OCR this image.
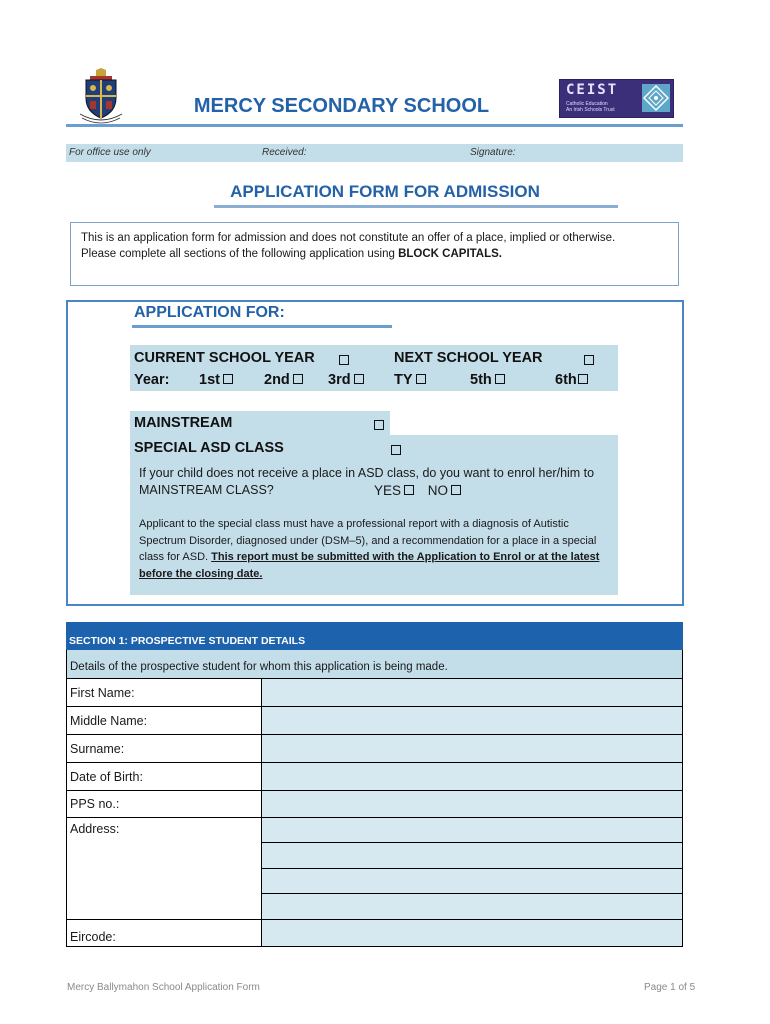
CEIST
Catholic Education
An Irish Schools Trust
MERCY SECONDARY SCHOOL
For office use only	Received:	Signature:
APPLICATION FORM FOR ADMISSION
This is an application form for admission and does not constitute an offer of a place, implied or otherwise.
Please complete all sections of the following application using BLOCK CAPITALS.
APPLICATION FOR:
CURRENT SCHOOL YEAR
	NEXT SCHOOL YEAR

Year: 1st	2nd	3rd	TY	5th	6th
MAINSTREAM

SPECIAL ASD CLASS
If your child does not receive a place in ASD class, do you want to enrol her/him to MAINSTREAM CLASS?	YES NO
Applicant to the special class must have a professional report with a diagnosis of Autistic Spectrum Disorder, diagnosed under (DSM–5), and a recommendation for a place in a special class for ASD. This report must be submitted with the Application to Enrol or at the latest before the closing date.
SECTION 1: PROSPECTIVE STUDENT DETAILS
Details of the prospective student for whom this application is being made.
First Name:	
Middle Name:	
Surname:	
Date of Birth:	
PPS no.:	
Address:	

Eircode:	
Mercy Ballymahon School Application Form	Page 1 of 5
